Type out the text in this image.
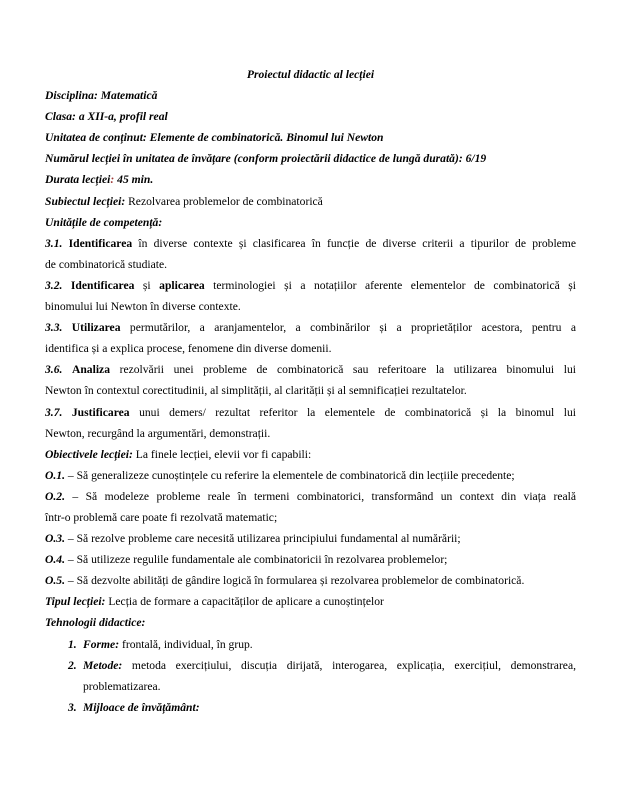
Proiectul didactic al lecției
Disciplina: Matematică
Clasa: a XII-a, profil real
Unitatea de conținut: Elemente de combinatorică. Binomul lui Newton
Numărul lecției în unitatea de învățare (conform proiectării didactice de lungă durată): 6/19
Durata lecției: 45 min.
Subiectul lecției: Rezolvarea problemelor de combinatorică
Unitățile de competență:
3.1. Identificarea în diverse contexte și clasificarea în funcție de diverse criterii a tipurilor de probleme
de combinatorică studiate.
3.2. Identificarea și aplicarea terminologiei și a notațiilor aferente elementelor de combinatorică și
binomului lui Newton în diverse contexte.
3.3. Utilizarea permutărilor, a aranjamentelor, a combinărilor și a proprietăților acestora, pentru a
identifica și a explica procese, fenomene din diverse domenii.
3.6. Analiza rezolvării unei probleme de combinatorică sau referitoare la utilizarea binomului lui
Newton în contextul corectitudinii, al simplității, al clarității și al semnificației rezultatelor.
3.7. Justificarea unui demers/ rezultat referitor la elementele de combinatorică și la binomul lui
Newton, recurgând la argumentări, demonstrații.
Obiectivele lecției: La finele lecției, elevii vor fi capabili:
O.1. – Să generalizeze cunoștințele cu referire la elementele de combinatorică din lecțiile precedente;
O.2. – Să modeleze probleme reale în termeni combinatorici, transformând un context din viața reală
într-o problemă care poate fi rezolvată matematic;
O.3. – Să rezolve probleme care necesită utilizarea principiului fundamental al numărării;
O.4. – Să utilizeze regulile fundamentale ale combinatoricii în rezolvarea problemelor;
O.5. – Să dezvolte abilități de gândire logică în formularea și rezolvarea problemelor de combinatorică.
Tipul lecției: Lecția de formare a capacităților de aplicare a cunoștințelor
Tehnologii didactice:
1. Forme: frontală, individual, în grup.
2. Metode: metoda exercițiului, discuția dirijată, interogarea, explicația, exercițiul, demonstrarea,
problematizarea.
3. Mijloace de învățământ:
